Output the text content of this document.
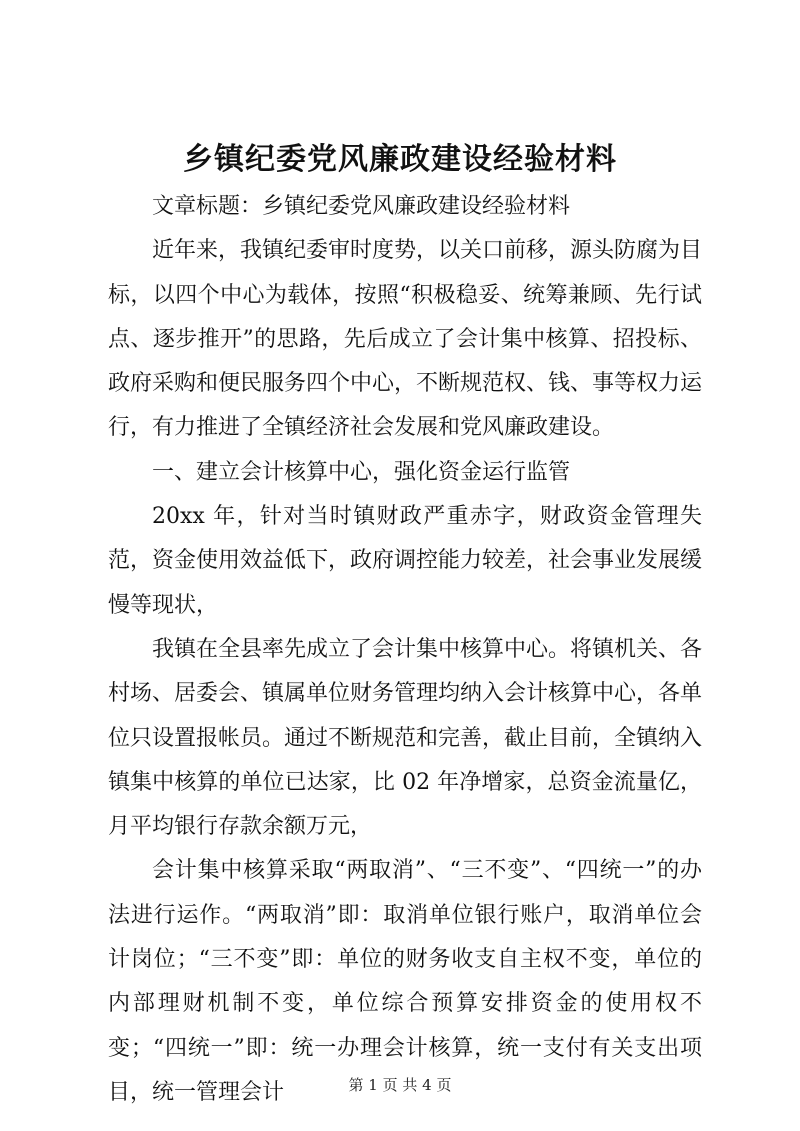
乡镇纪委党风廉政建设经验材料

文章标题：乡镇纪委党风廉政建设经验材料

近年来，我镇纪委审时度势，以关口前移，源头防腐为目标，以四个中心为载体，按照“积极稳妥、统筹兼顾、先行试点、逐步推开”的思路，先后成立了会计集中核算、招投标、政府采购和便民服务四个中心，不断规范权、钱、事等权力运行，有力推进了全镇经济社会发展和党风廉政建设。

一、建立会计核算中心，强化资金运行监管

20xx 年，针对当时镇财政严重赤字，财政资金管理失范，资金使用效益低下，政府调控能力较差，社会事业发展缓慢等现状，

我镇在全县率先成立了会计集中核算中心。将镇机关、各村场、居委会、镇属单位财务管理均纳入会计核算中心，各单位只设置报帐员。通过不断规范和完善，截止目前，全镇纳入镇集中核算的单位已达家，比 02 年净增家，总资金流量亿，月平均银行存款余额万元，

会计集中核算采取“两取消”、“三不变”、“四统一”的办法进行运作。“两取消”即：取消单位银行账户，取消单位会计岗位；“三不变”即：单位的财务收支自主权不变，单位的内部理财机制不变，单位综合预算安排资金的使用权不变；“四统一”即：统一办理会计核算，统一支付有关支出项目，统一管理会计	第 1 页 共 4 页
